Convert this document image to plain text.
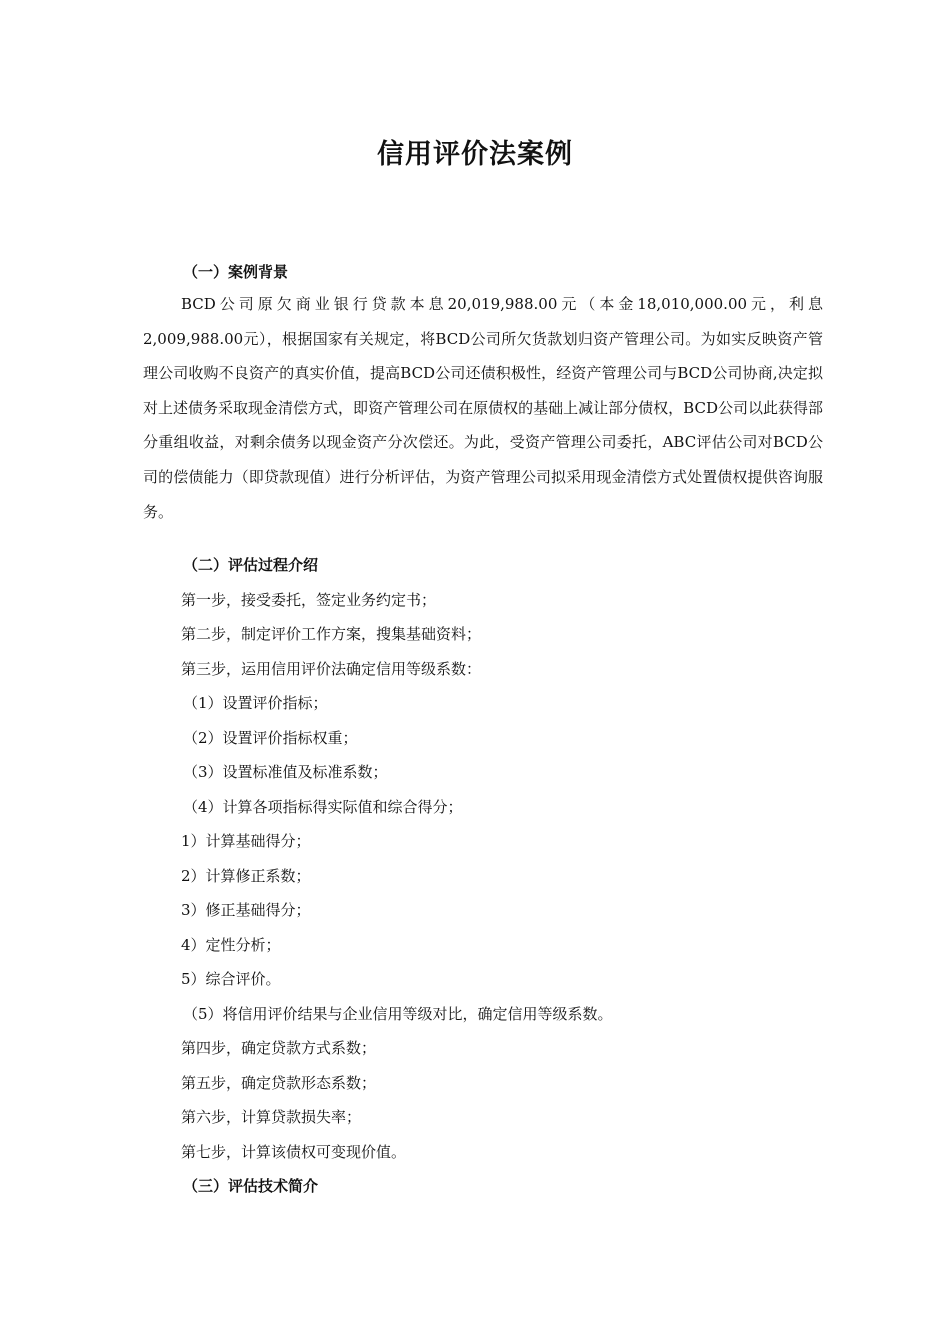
信用评价法案例
（一）案例背景
BCD公司原欠商业银行贷款本息20,019,988.00元（本金18,010,000.00元，利息2,009,988.00元），根据国家有关规定，将BCD公司所欠货款划归资产管理公司。为如实反映资产管理公司收购不良资产的真实价值，提高BCD公司还债积极性，经资产管理公司与BCD公司协商,决定拟对上述债务采取现金清偿方式，即资产管理公司在原债权的基础上减让部分债权，BCD公司以此获得部分重组收益，对剩余债务以现金资产分次偿还。为此，受资产管理公司委托，ABC评估公司对BCD公司的偿债能力（即贷款现值）进行分析评估，为资产管理公司拟采用现金清偿方式处置债权提供咨询服务。
（二）评估过程介绍
第一步，接受委托，签定业务约定书；
第二步，制定评价工作方案，搜集基础资料；
第三步，运用信用评价法确定信用等级系数：
（1）设置评价指标；
（2）设置评价指标权重；
（3）设置标准值及标准系数；
（4）计算各项指标得实际值和综合得分；
1）计算基础得分；
2）计算修正系数；
3）修正基础得分；
4）定性分析；
5）综合评价。
（5）将信用评价结果与企业信用等级对比，确定信用等级系数。
第四步，确定贷款方式系数；
第五步，确定贷款形态系数；
第六步，计算贷款损失率；
第七步，计算该债权可变现价值。
（三）评估技术简介
